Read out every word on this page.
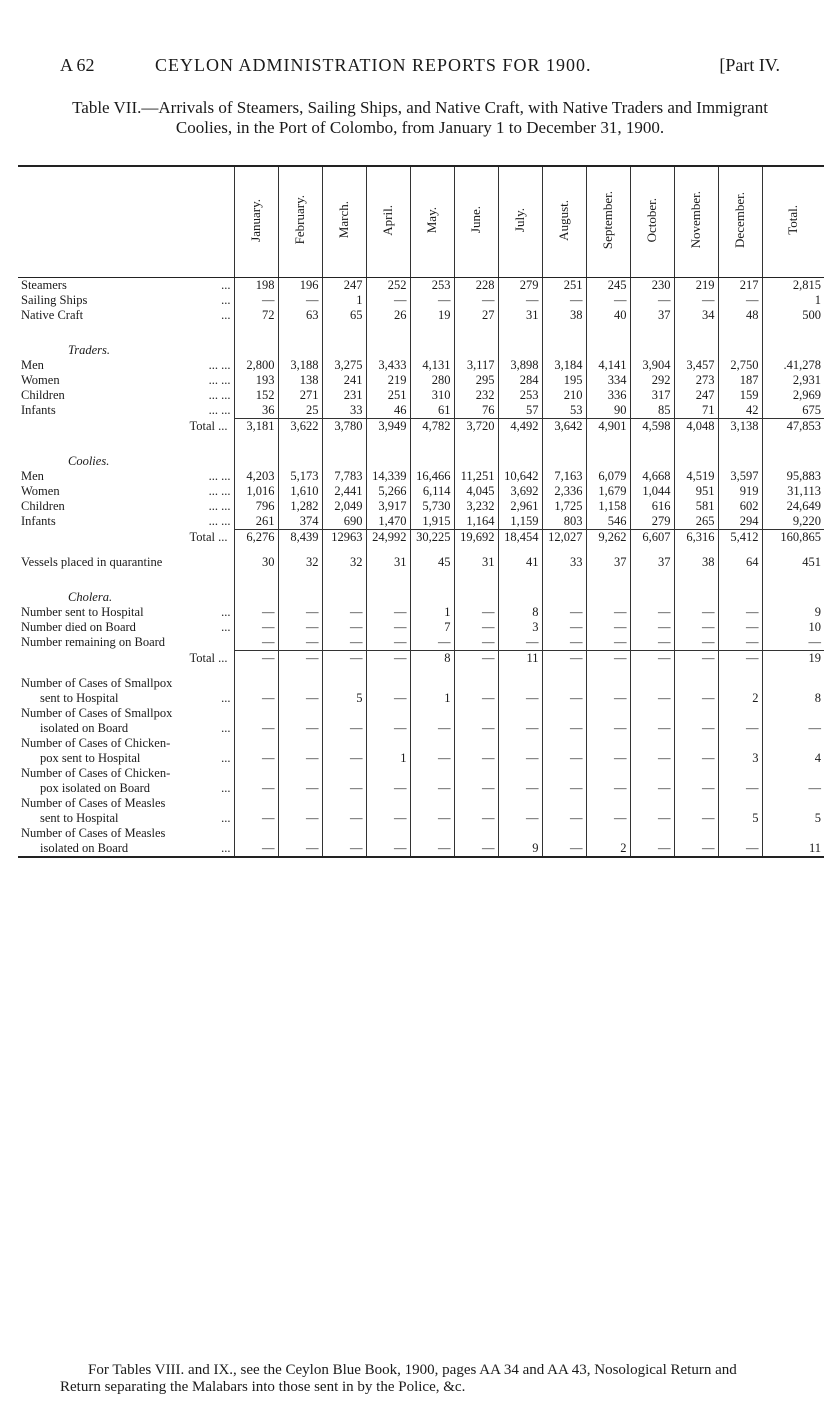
A 62	CEYLON ADMINISTRATION REPORTS FOR 1900.	[Part IV.
Table VII.—Arrivals of Steamers, Sailing Ships, and Native Craft, with Native Traders and Immigrant Coolies, in the Port of Colombo, from January 1 to December 31, 1900.
	January.	February.	March.	April.	May.	June.	July.	August.	September.	October.	November.	December.	Total.
Steamers ...	198	196	247	252	253	228	279	251	245	230	219	217	2,815
Sailing Ships ...	—	—	1	—	—	—	—	—	—	—	—	—	1
Native Craft ...	72	63	65	26	19	27	31	38	40	37	34	48	500

Traders.													
Men ... ...	2,800	3,188	3,275	3,433	4,131	3,117	3,898	3,184	4,141	3,904	3,457	2,750	.41,278
Women ... ...	193	138	241	219	280	295	284	195	334	292	273	187	2,931
Children ... ...	152	271	231	251	310	232	253	210	336	317	247	159	2,969
Infants ... ...	36	25	33	46	61	76	57	53	90	85	71	42	675
Total ...	3,181	3,622	3,780	3,949	4,782	3,720	4,492	3,642	4,901	4,598	4,048	3,138	47,853

Coolies.													
Men ... ...	4,203	5,173	7,783	14,339	16,466	11,251	10,642	7,163	6,079	4,668	4,519	3,597	95,883
Women ... ...	1,016	1,610	2,441	5,266	6,114	4,045	3,692	2,336	1,679	1,044	951	919	31,113
Children ... ...	796	1,282	2,049	3,917	5,730	3,232	2,961	1,725	1,158	616	581	602	24,649
Infants ... ...	261	374	690	1,470	1,915	1,164	1,159	803	546	279	265	294	9,220
Total ...	6,276	8,439	12963	24,992	30,225	19,692	18,454	12,027	9,262	6,607	6,316	5,412	160,865

Vessels placed in quarantine	30	32	32	31	45	31	41	33	37	37	38	64	451

Cholera.													
Number sent to Hospital ...	—	—	—	—	1	—	8	—	—	—	—	—	9
Number died on Board ...	—	—	—	—	7	—	3	—	—	—	—	—	10
Number remaining on Board	—	—	—	—	—	—	—	—	—	—	—	—	—
Total ...	—	—	—	—	8	—	11	—	—	—	—	—	19

Number of Cases of Smallpox													
sent to Hospital ...	—	—	5	—	1	—	—	—	—	—	—	2	8
Number of Cases of Smallpox													
isolated on Board ...	—	—	—	—	—	—	—	—	—	—	—	—	—
Number of Cases of Chicken-													
pox sent to Hospital ...	—	—	—	1	—	—	—	—	—	—	—	3	4
Number of Cases of Chicken-													
pox isolated on Board ...	—	—	—	—	—	—	—	—	—	—	—	—	—
Number of Cases of Measles													
sent to Hospital ...	—	—	—	—	—	—	—	—	—	—	—	5	5
Number of Cases of Measles													
isolated on Board ...	—	—	—	—	—	—	9	—	2	—	—	—	11
For Tables VIII. and IX., see the Ceylon Blue Book, 1900, pages AA 34 and AA 43, Nosological Return and Return separating the Malabars into those sent in by the Police, &c.
